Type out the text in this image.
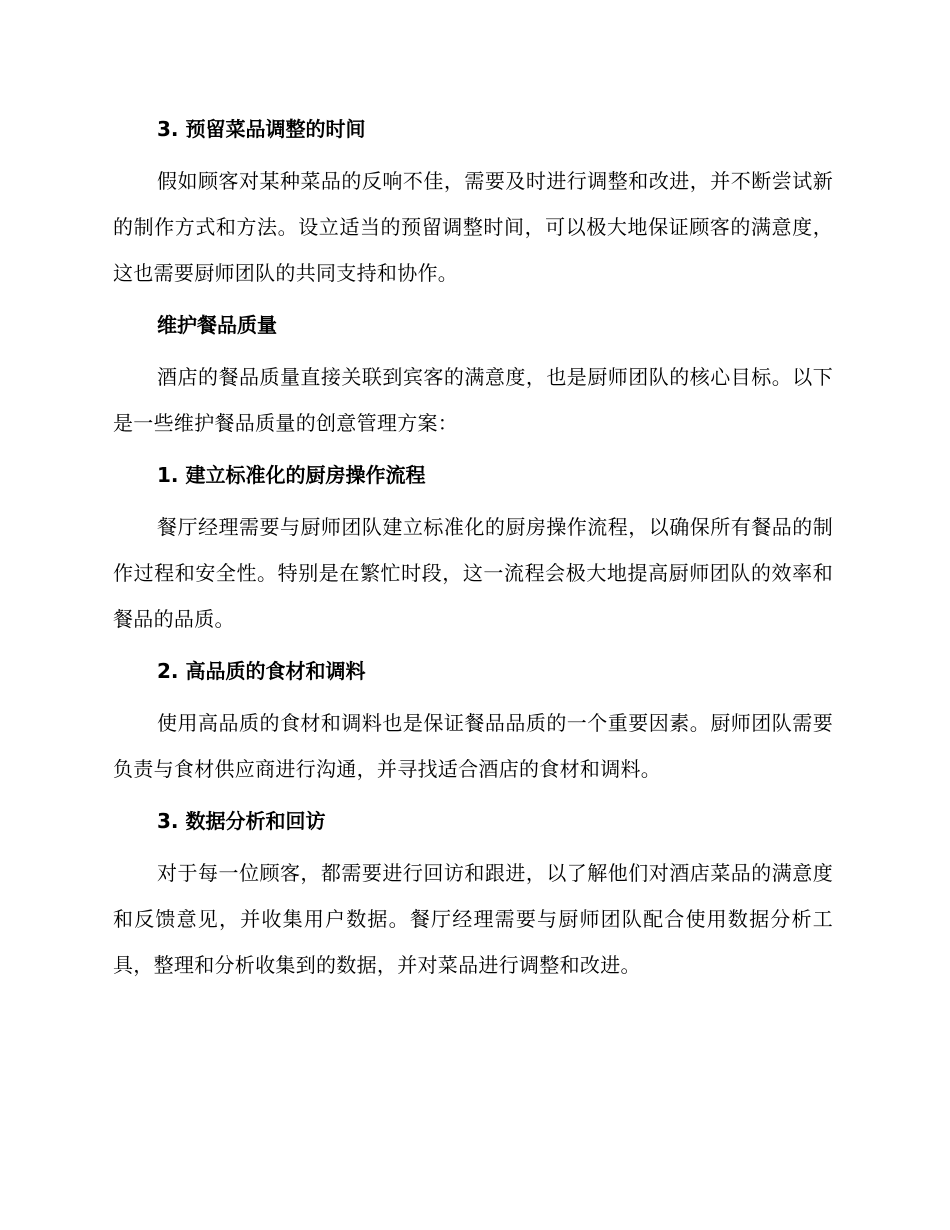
3. 预留菜品调整的时间

假如顾客对某种菜品的反响不佳，需要及时进行调整和改进，并不断尝试新的制作方式和方法。设立适当的预留调整时间，可以极大地保证顾客的满意度，这也需要厨师团队的共同支持和协作。

维护餐品质量

酒店的餐品质量直接关联到宾客的满意度，也是厨师团队的核心目标。以下是一些维护餐品质量的创意管理方案：

1. 建立标准化的厨房操作流程

餐厅经理需要与厨师团队建立标准化的厨房操作流程，以确保所有餐品的制作过程和安全性。特别是在繁忙时段，这一流程会极大地提高厨师团队的效率和餐品的品质。

2. 高品质的食材和调料

使用高品质的食材和调料也是保证餐品品质的一个重要因素。厨师团队需要负责与食材供应商进行沟通，并寻找适合酒店的食材和调料。

3. 数据分析和回访

对于每一位顾客，都需要进行回访和跟进，以了解他们对酒店菜品的满意度和反馈意见，并收集用户数据。餐厅经理需要与厨师团队配合使用数据分析工具，整理和分析收集到的数据，并对菜品进行调整和改进。
